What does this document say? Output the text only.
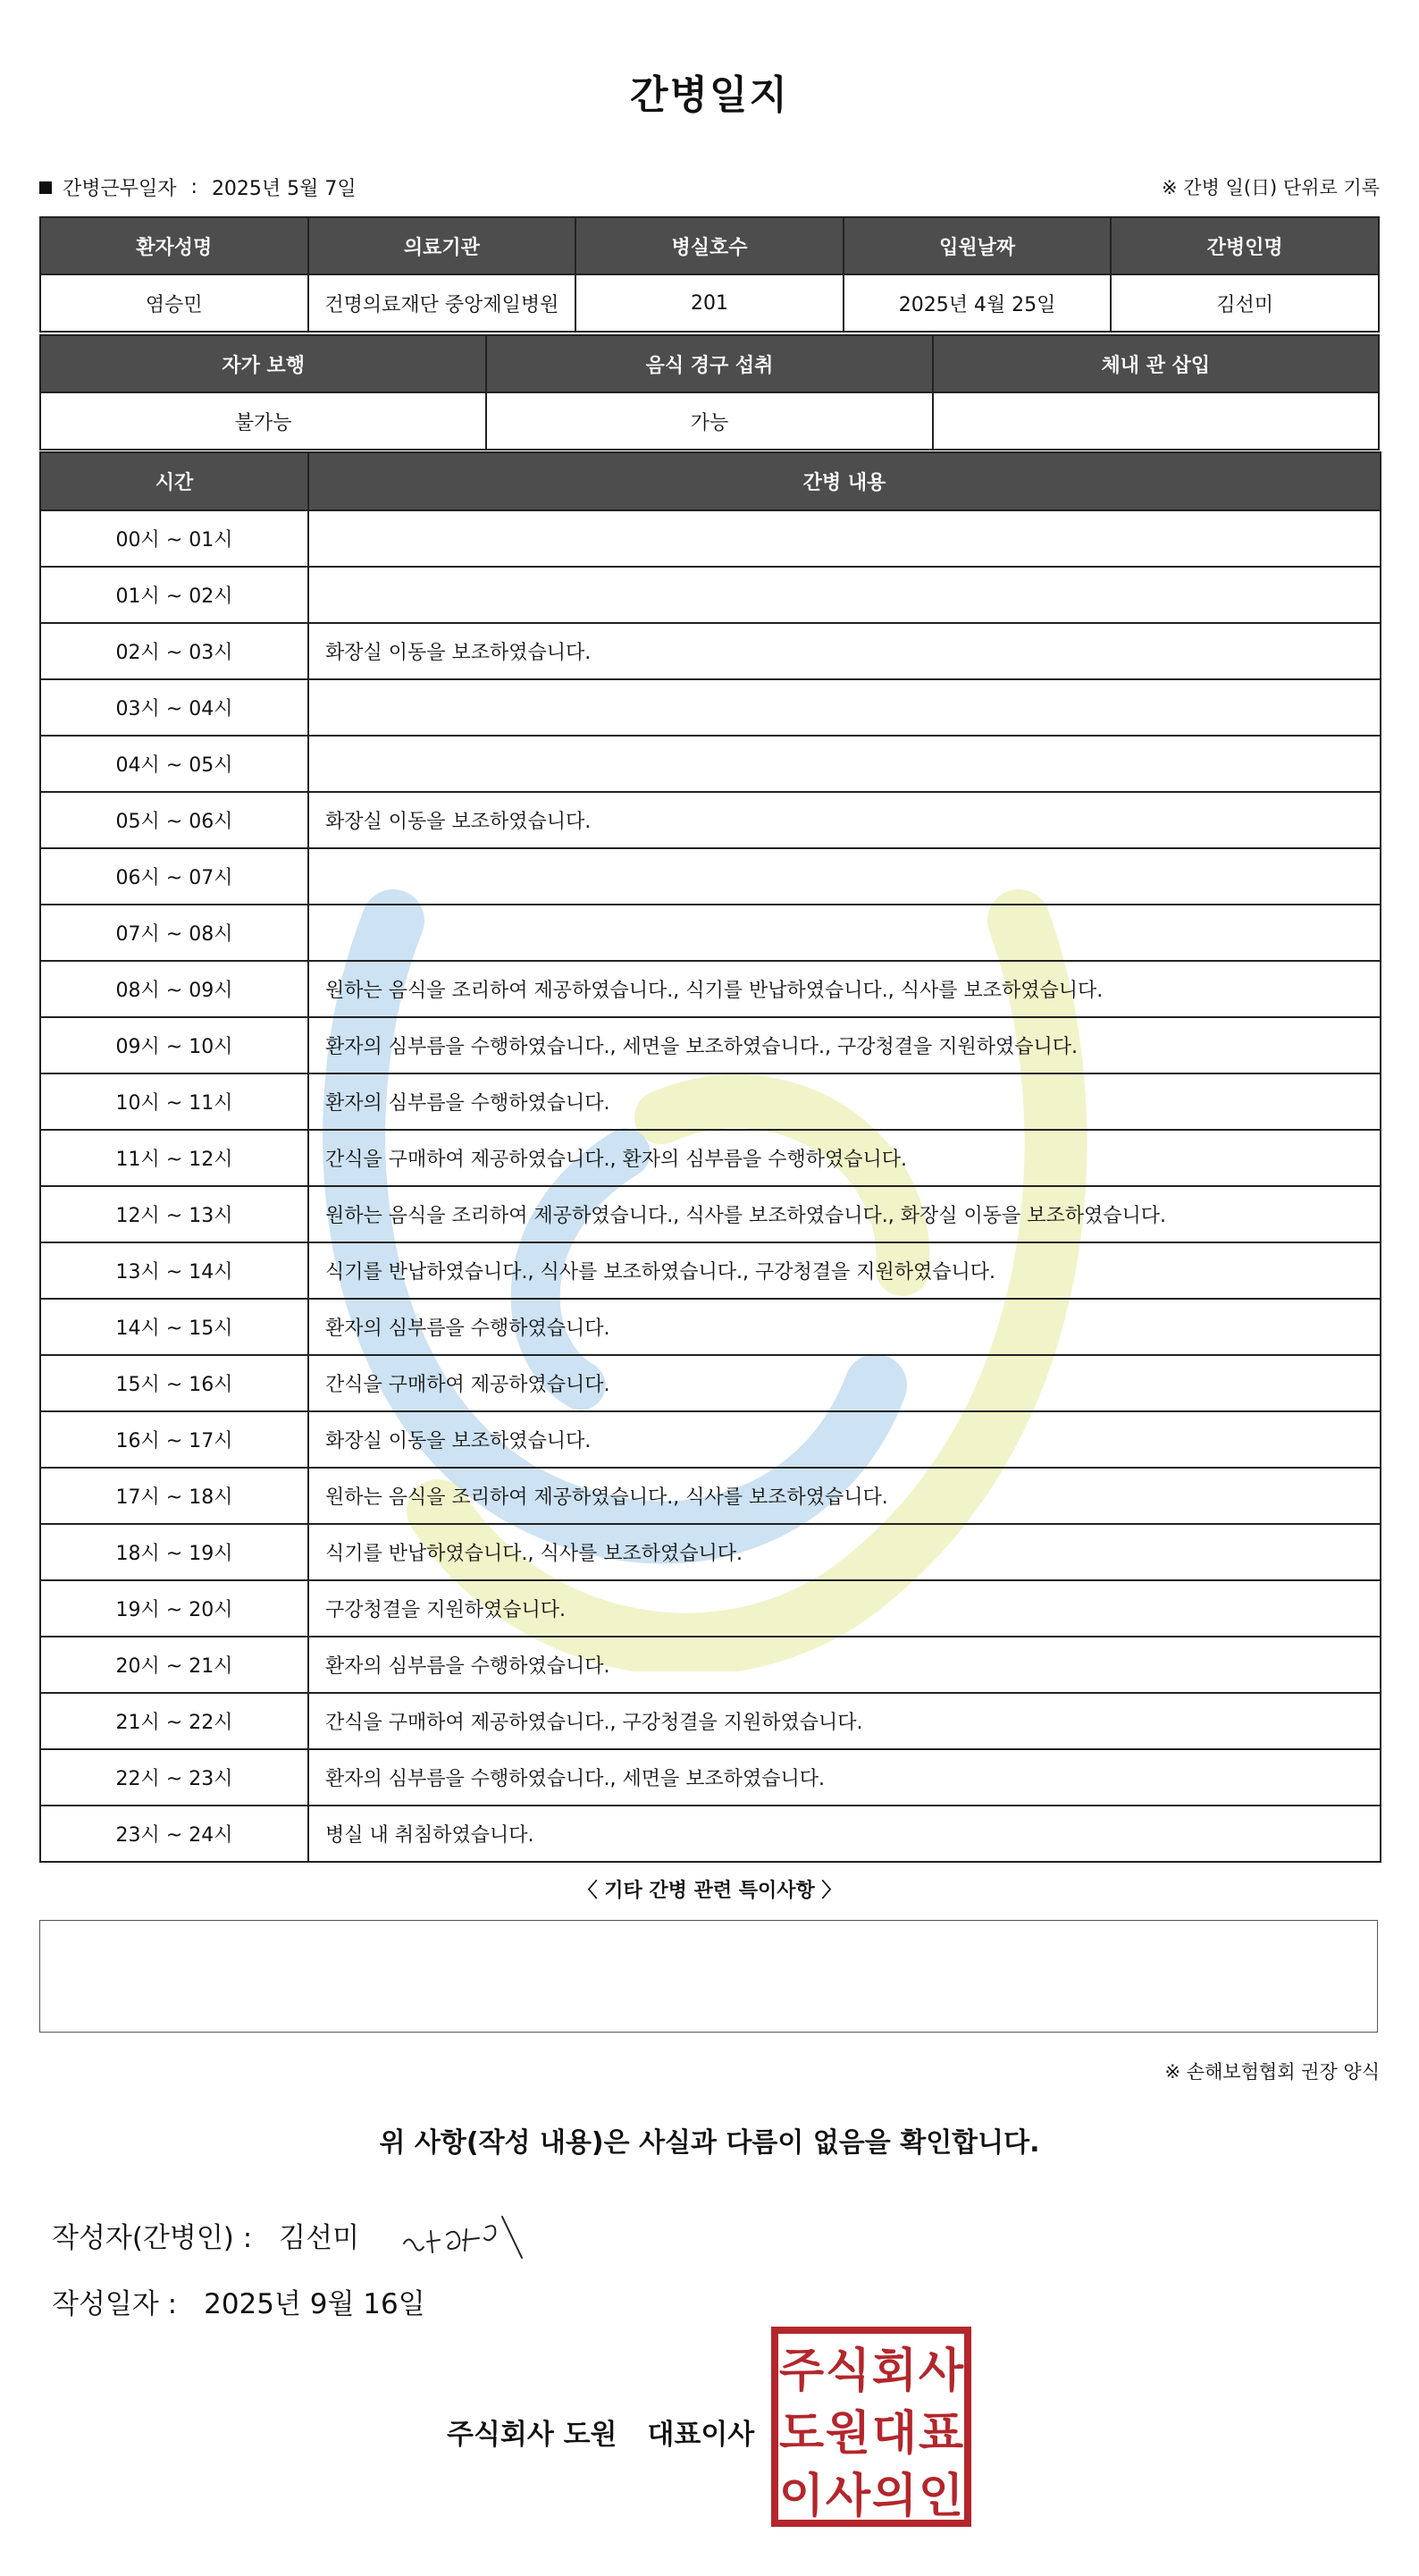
간병일지
간병근무일자 : 2025년 5월 7일	※ 간병 일(日) 단위로 기록
환자성명	의료기관	병실호수	입원날짜	간병인명
염승민	건명의료재단 중앙제일병원	201	2025년 4월 25일	김선미
자가 보행	음식 경구 섭취	체내 관 삽입
불가능	가능	
시간	간병 내용
00시 ~ 01시	
01시 ~ 02시	
02시 ~ 03시	화장실 이동을 보조하였습니다.
03시 ~ 04시	
04시 ~ 05시	
05시 ~ 06시	화장실 이동을 보조하였습니다.
06시 ~ 07시	
07시 ~ 08시	
08시 ~ 09시	원하는 음식을 조리하여 제공하였습니다., 식기를 반납하였습니다., 식사를 보조하였습니다.
09시 ~ 10시	환자의 심부름을 수행하였습니다., 세면을 보조하였습니다., 구강청결을 지원하였습니다.
10시 ~ 11시	환자의 심부름을 수행하였습니다.
11시 ~ 12시	간식을 구매하여 제공하였습니다., 환자의 심부름을 수행하였습니다.
12시 ~ 13시	원하는 음식을 조리하여 제공하였습니다., 식사를 보조하였습니다., 화장실 이동을 보조하였습니다.
13시 ~ 14시	식기를 반납하였습니다., 식사를 보조하였습니다., 구강청결을 지원하였습니다.
14시 ~ 15시	환자의 심부름을 수행하였습니다.
15시 ~ 16시	간식을 구매하여 제공하였습니다.
16시 ~ 17시	화장실 이동을 보조하였습니다.
17시 ~ 18시	원하는 음식을 조리하여 제공하였습니다., 식사를 보조하였습니다.
18시 ~ 19시	식기를 반납하였습니다., 식사를 보조하였습니다.
19시 ~ 20시	구강청결을 지원하였습니다.
20시 ~ 21시	환자의 심부름을 수행하였습니다.
21시 ~ 22시	간식을 구매하여 제공하였습니다., 구강청결을 지원하였습니다.
22시 ~ 23시	환자의 심부름을 수행하였습니다., 세면을 보조하였습니다.
23시 ~ 24시	병실 내 취침하였습니다.
〈 기타 간병 관련 특이사항 〉
※ 손해보험협회 권장 양식
위 사항(작성 내용)은 사실과 다름이 없음을 확인합니다.
작성자(간병인) : 김선미
작성일자 : 2025년 9월 16일
주식회사 도원 대표이사
주 식 회 사
도 원 대 표
이 사 의 인
